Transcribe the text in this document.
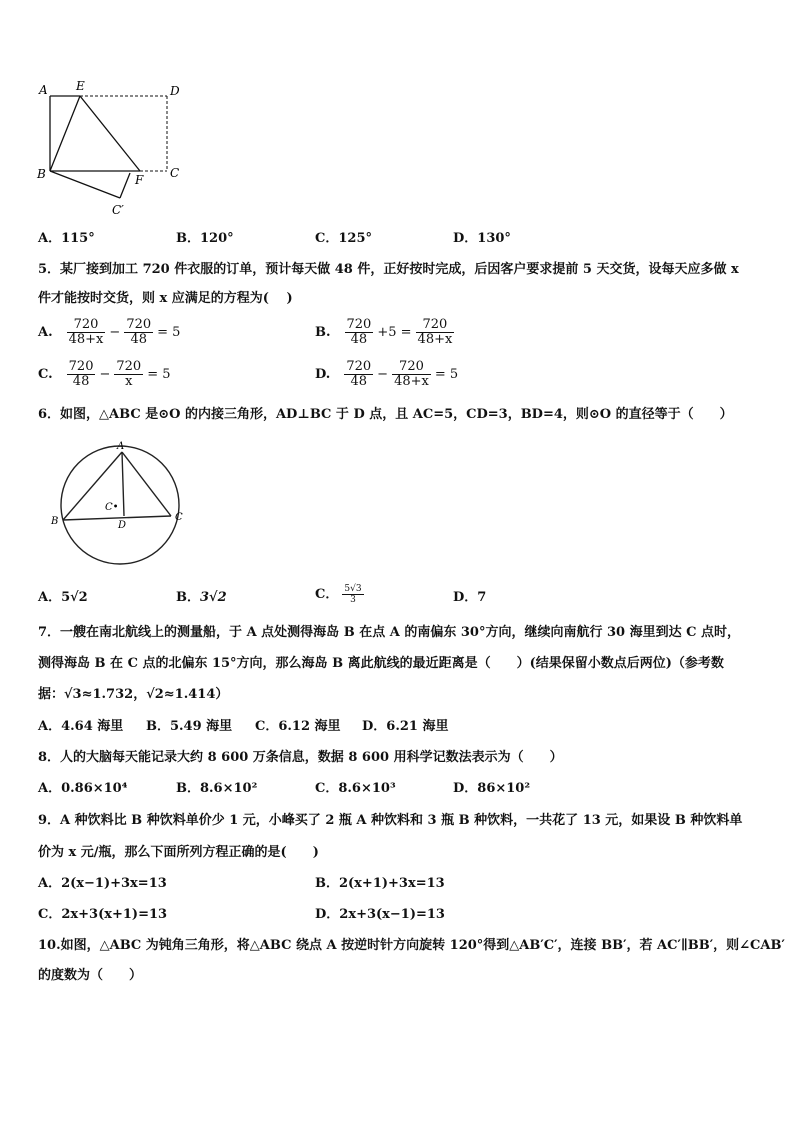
A E	D
B	F C
C′
A．115°	B．120°	C．125°	D．130°
5．某厂接到加工 720 件衣服的订单，预计每天做 48 件，正好按时完成，后因客户要求提前 5 天交货，设每天应多做 x
件才能按时交货，则 x 应满足的方程为(　 )
A. $\frac{720}{48+x} - \frac{720}{48} = 5$	B. $\frac{720}{48} +5 = \frac{720}{48+x}$
C. $\frac{720}{48} - \frac{720}{x} = 5$	D. $\frac{720}{48} - \frac{720}{48+x} = 5$
6．如图，△ABC 是⊙O 的内接三角形，AD⊥BC 于 D 点，且 AC=5，CD=3，BD=4，则⊙O 的直径等于（　　）
A
B	C
D
C•
A．5√2	B．3√2	C． $\frac{5√3}{3}$	D．7
7．一艘在南北航线上的测量船，于 A 点处测得海岛 B 在点 A 的南偏东 30°方向，继续向南航行 30 海里到达 C 点时，
测得海岛 B 在 C 点的北偏东 15°方向，那么海岛 B 离此航线的最近距离是（　　）(结果保留小数点后两位)（参考数
据：√3≈1.732，√2≈1.414）
A．4.64 海里 B．5.49 海里 C．6.12 海里 D．6.21 海里
8．人的大脑每天能记录大约 8 600 万条信息，数据 8 600 用科学记数法表示为（　　）
A．0.86×10⁴	B．8.6×10²	C．8.6×10³	D．86×10²
9．A 种饮料比 B 种饮料单价少 1 元，小峰买了 2 瓶 A 种饮料和 3 瓶 B 种饮料，一共花了 13 元，如果设 B 种饮料单
价为 x 元/瓶，那么下面所列方程正确的是(　　)
A．2(x−1)+3x=13	B．2(x+1)+3x=13
C．2x+3(x+1)=13	D．2x+3(x−1)=13
10.如图，△ABC 为钝角三角形，将△ABC 绕点 A 按逆时针方向旋转 120°得到△AB′C′，连接 BB′，若 AC′∥BB′，则∠CAB′
的度数为（　　）
